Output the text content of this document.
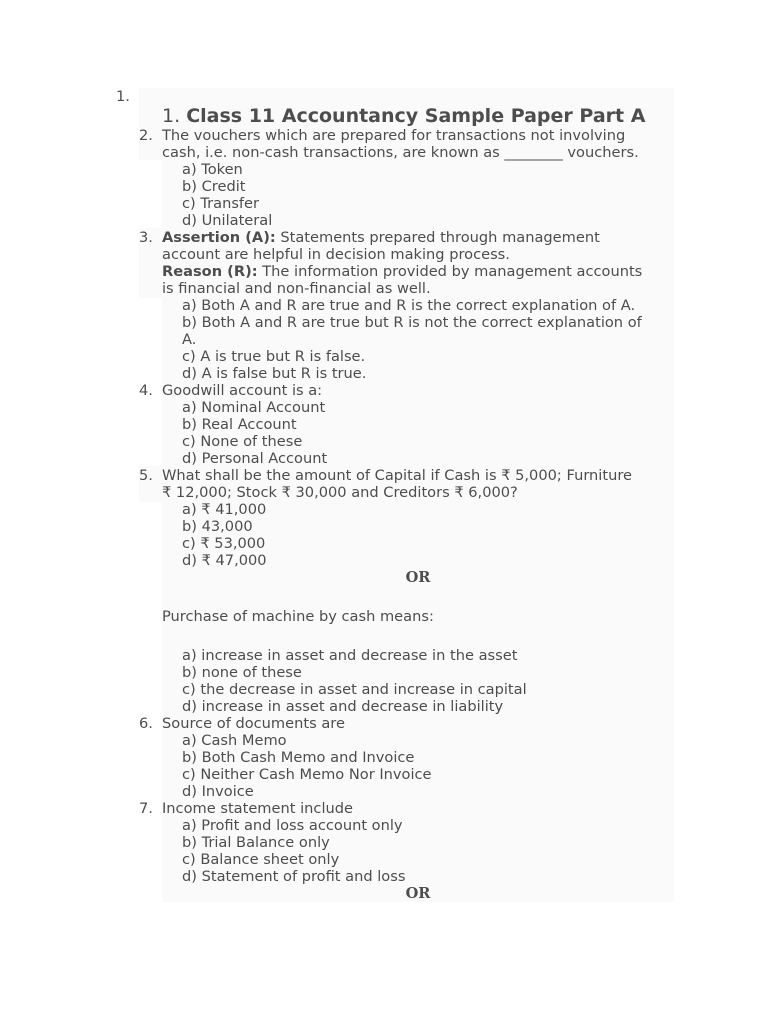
1.
1. Class 11 Accountancy Sample Paper Part A
2. The vouchers which are prepared for transactions not involving
cash, i.e. non-cash transactions, are known as ________ vouchers.
a) Token
b) Credit
c) Transfer
d) Unilateral
3. Assertion (A): Statements prepared through management
account are helpful in decision making process.
Reason (R): The information provided by management accounts
is financial and non-financial as well.
a) Both A and R are true and R is the correct explanation of A.
b) Both A and R are true but R is not the correct explanation of
A.
c) A is true but R is false.
d) A is false but R is true.
4. Goodwill account is a:
a) Nominal Account
b) Real Account
c) None of these
d) Personal Account
5. What shall be the amount of Capital if Cash is ₹ 5,000; Furniture
₹ 12,000; Stock ₹ 30,000 and Creditors ₹ 6,000?
a) ₹ 41,000
b) 43,000
c) ₹ 53,000
d) ₹ 47,000
OR
Purchase of machine by cash means:
a) increase in asset and decrease in the asset
b) none of these
c) the decrease in asset and increase in capital
d) increase in asset and decrease in liability
6. Source of documents are
a) Cash Memo
b) Both Cash Memo and Invoice
c) Neither Cash Memo Nor Invoice
d) Invoice
7. Income statement include
a) Profit and loss account only
b) Trial Balance only
c) Balance sheet only
d) Statement of profit and loss
OR
